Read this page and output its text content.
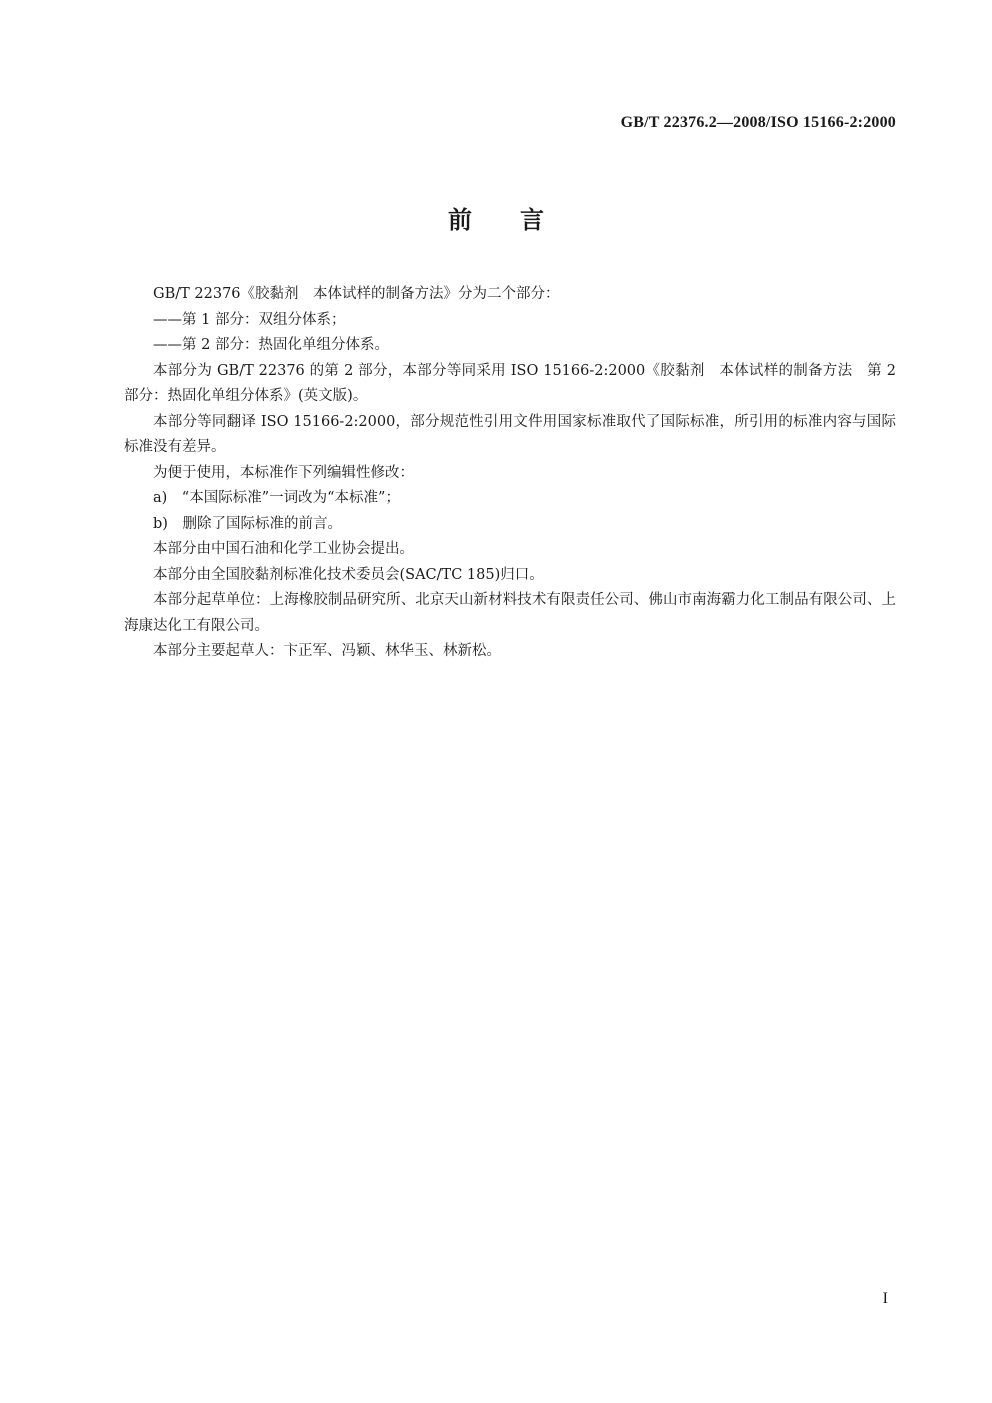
GB/T 22376.2—2008/ISO 15166-2:2000
前言

GB/T 22376《胶黏剂　本体试样的制备方法》分为二个部分：

——第 1 部分：双组分体系；

——第 2 部分：热固化单组分体系。

本部分为 GB/T 22376 的第 2 部分，本部分等同采用 ISO 15166-2:2000《胶黏剂　本体试样的制备方法　第 2 部分：热固化单组分体系》(英文版)。

本部分等同翻译 ISO 15166-2:2000，部分规范性引用文件用国家标准取代了国际标准，所引用的标准内容与国际标准没有差异。

为便于使用，本标准作下列编辑性修改：

a)　“本国际标准”一词改为“本标准”；

b)　删除了国际标准的前言。

本部分由中国石油和化学工业协会提出。

本部分由全国胶黏剂标准化技术委员会(SAC/TC 185)归口。

本部分起草单位：上海橡胶制品研究所、北京天山新材料技术有限责任公司、佛山市南海霸力化工制品有限公司、上海康达化工有限公司。

本部分主要起草人：卞正军、冯颖、林华玉、林新松。

I
